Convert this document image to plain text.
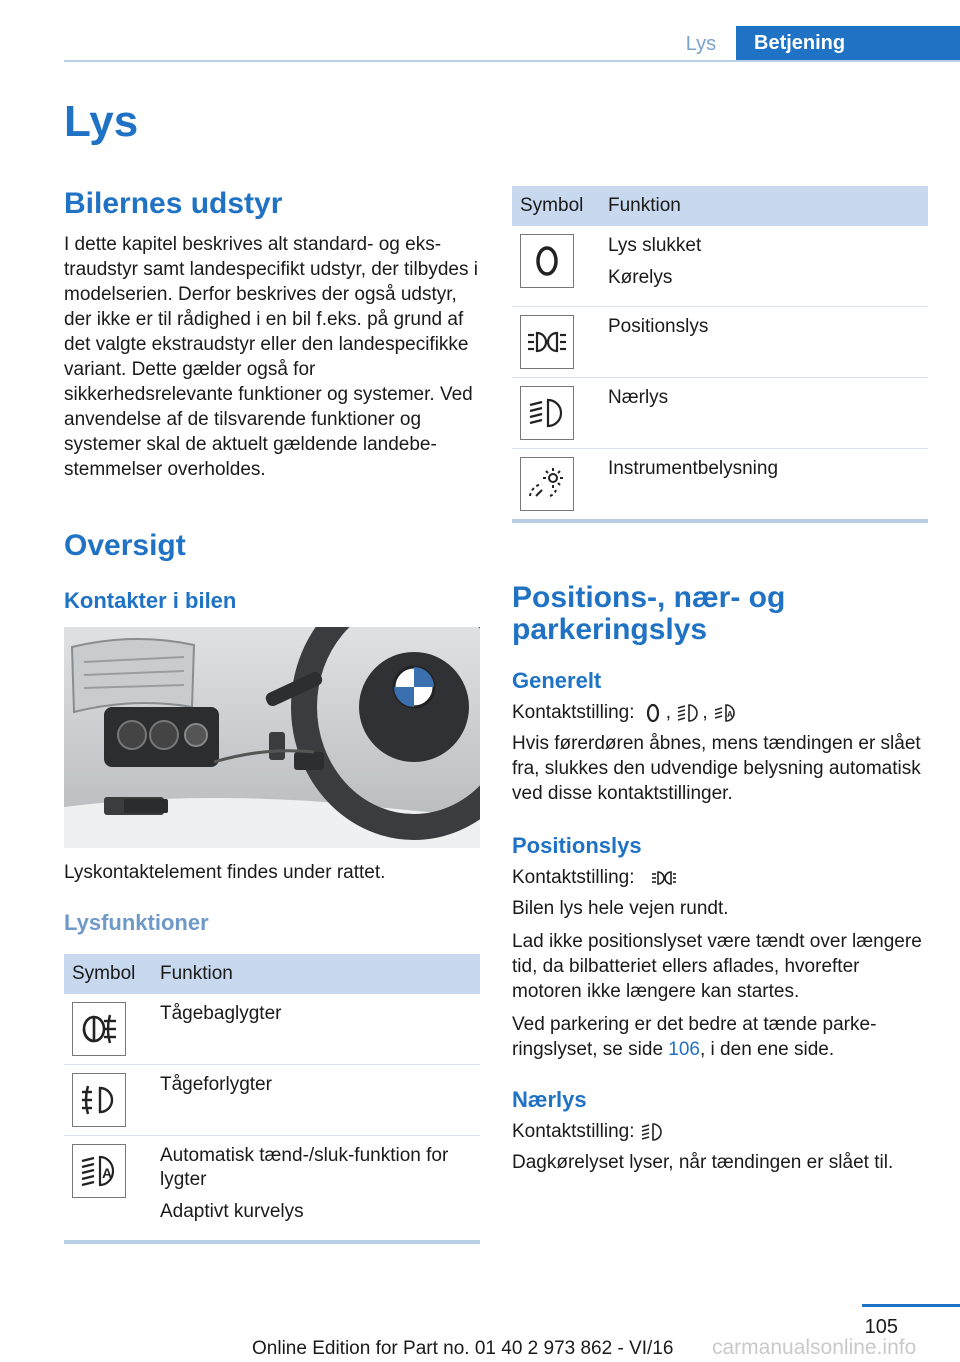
Lys	Betjening
Lys
Bilernes udstyr
I dette kapitel beskrives alt standard- og ekstraudstyr samt landespecifikt udstyr, der tilbydes i modelserien. Derfor beskrives der også udstyr, der ikke er til rådighed i en bil f.eks. på grund af det valgte ekstraudstyr eller den landespecifikke variant. Dette gælder også for sikkerhedsrelevante funktioner og systemer. Ved anvendelse af de tilsvarende funktioner og systemer skal de aktuelt gældende landebestemmelser overholdes.
Oversigt
Kontakter i bilen
Lyskontaktelement findes under rattet.
Lysfunktioner
Symbol	Funktion

Tågebaglygter

Tågeforlygter

A	Automatisk tænd-/sluk-funktion for lygter
Adaptivt kurvelys
Symbol	Funktion

Lys slukket
Kørelys

Positionslys

Nærlys

Instrumentbelysning
Positions-, nær- og parkeringslys
Generelt

Kontaktstilling: , , A

Hvis førerdøren åbnes, mens tændingen er slået fra, slukkes den udvendige belysning automatisk ved disse kontaktstillinger.

Positionslys

Kontaktstilling:

Bilen lys hele vejen rundt.

Lad ikke positionslyset være tændt over længere tid, da bilbatteriet ellers aflades, hvorefter motoren ikke længere kan startes.

Ved parkering er det bedre at tænde parkeringslyset, se side 106, i den ene side.

Nærlys

Kontaktstilling:

Dagkørelyset lyser, når tændingen er slået til.

105
Online Edition for Part no. 01 40 2 973 862 - VI/16 carmanualsonline.info
